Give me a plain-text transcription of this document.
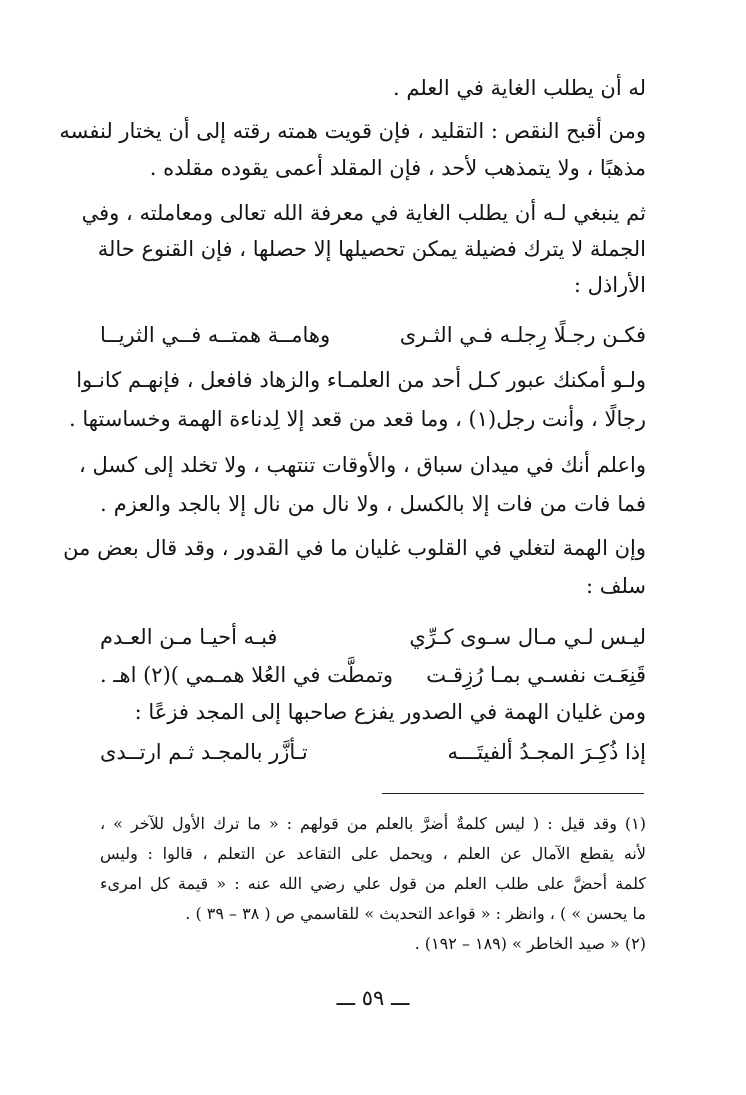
له أن يطلب الغاية في العلم .
ومن أقبح النقص : التقليد ، فإن قويت همته رقته إلى أن يختار لنفسه
مذهبًا ، ولا يتمذهب لأحد ، فإن المقلد أعمى يقوده مقلده .
ثم ينبغي لـه أن يطلب الغاية في معرفة الله تعالى ومعاملته ، وفي
الجملة لا يترك فضيلة يمكن تحصيلها إلا حصلها ، فإن القنوع حالة
الأراذل :
فكـن رجـلًا رِجلـه فـي الثـرى
وهامــة همتــه فــي الثريــا
ولـو أمكنك عبور كـل أحد من العلمـاء والزهاد فافعل ، فإنهـم كانـوا
رجالًا ، وأنت رجل(١) ، وما قعد من قعد إلا لِدناءة الهمة وخساستها .
واعلم أنك في ميدان سباق ، والأوقات تنتهب ، ولا تخلد إلى كسل ،
فما فات من فات إلا بالكسل ، ولا نال من نال إلا بالجد والعزم .
وإن الهمة لتغلي في القلوب غليان ما في القدور ، وقد قال بعض من
سلف :
ليـس لـي مـال سـوى كـرِّي
فبـه أحيـا مـن العـدم
قَنِعَـت نفسـي بمـا رُزِقـت
وتمطَّت في العُلا همـمي )(٢) اهـ .
ومن غليان الهمة في الصدور يفزع صاحبها إلى المجد فزعًا :
إذا ذُكِـرَ المجـدُ ألفيتَـــه
تـأزَّر بالمجـد ثـم ارتــدى
(١) وقد قيل : ( ليس كلمةٌ أضرَّ بالعلم من قولهم : « ما ترك الأول للآخر » ،
لأنه يقطع الآمال عن العلم ، ويحمل على التقاعد عن التعلم ، قالوا : وليس
كلمة أحضَّ على طلب العلم من قول علي رضي الله عنه : « قيمة كل امرىء
ما يحسن » ) ، وانظر : « قواعد التحديث » للقاسمي ص ( ٣٨ – ٣٩ ) .
(٢) « صيد الخاطر » (١٨٩ – ١٩٢) .
ـــ ٥٩ ـــ
